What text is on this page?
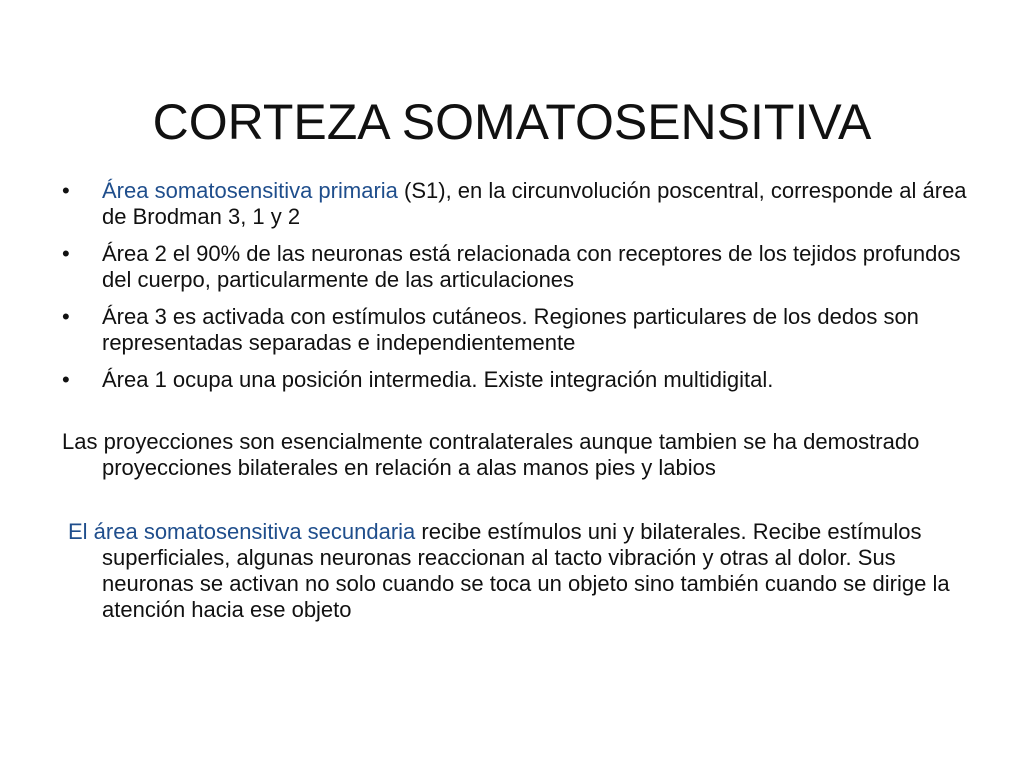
CORTEZA SOMATOSENSITIVA
•	Área somatosensitiva primaria (S1), en la circunvolución poscentral, corresponde al área de Brodman 3, 1 y 2
•	Área 2 el 90% de las neuronas está relacionada con receptores de los tejidos profundos del cuerpo, particularmente de las articulaciones
•	Área 3 es activada con estímulos cutáneos. Regiones particulares de los dedos son representadas separadas e independientemente
•	Área 1 ocupa una posición intermedia. Existe integración multidigital.

Las proyecciones son esencialmente contralaterales aunque tambien se ha demostrado proyecciones bilaterales en relación a alas manos pies y labios

El área somatosensitiva secundaria recibe estímulos uni y bilaterales. Recibe estímulos superficiales, algunas neuronas reaccionan al tacto vibración y otras al dolor. Sus neuronas se activan no solo cuando se toca un objeto sino también cuando se dirige la atención hacia ese objeto
